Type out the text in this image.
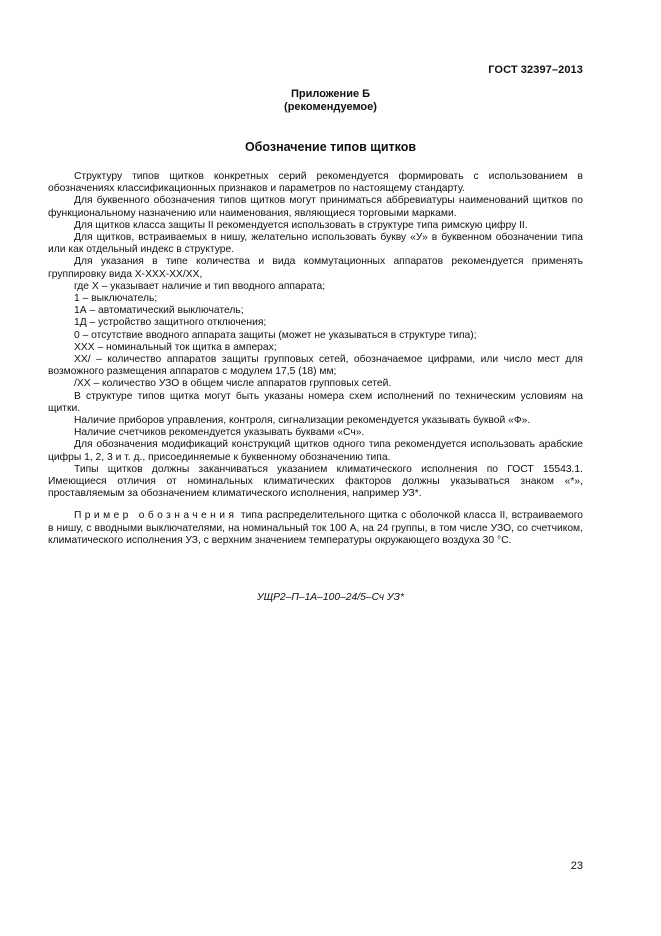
ГОСТ 32397–2013
Приложение Б
(рекомендуемое)
Обозначение типов щитков

Структуру типов щитков конкретных серий рекомендуется формировать с использованием в обозначениях классификационных признаков и параметров по настоящему стандарту.

Для буквенного обозначения типов щитков могут приниматься аббревиатуры наименований щитков по функциональному назначению или наименования, являющиеся торговыми марками.

Для щитков класса защиты II рекомендуется использовать в структуре типа римскую цифру II.

Для щитков, встраиваемых в нишу, желательно использовать букву «У» в буквенном обозначении типа или как отдельный индекс в структуре.

Для указания в типе количества и вида коммутационных аппаратов рекомендуется применять группировку вида Х-ХХХ-ХХ/ХХ,

где Х – указывает наличие и тип вводного аппарата;

1 – выключатель;

1А – автоматический выключатель;

1Д – устройство защитного отключения;

0 – отсутствие вводного аппарата защиты (может не указываться в структуре типа);

ХХХ – номинальный ток щитка в амперах;

ХХ/ – количество аппаратов защиты групповых сетей, обозначаемое цифрами, или число мест для возможного размещения аппаратов с модулем 17,5 (18) мм;

/ХХ – количество УЗО в общем числе аппаратов групповых сетей.

В структуре типов щитка могут быть указаны номера схем исполнений по техническим условиям на щитки.

Наличие приборов управления, контроля, сигнализации рекомендуется указывать буквой «Ф».

Наличие счетчиков рекомендуется указывать буквами «Сч».

Для обозначения модификаций конструкций щитков одного типа рекомендуется использовать арабские цифры 1, 2, 3 и т. д., присоединяемые к буквенному обозначению типа.

Типы щитков должны заканчиваться указанием климатического исполнения по ГОСТ 15543.1. Имеющиеся отличия от номинальных климатических факторов должны указываться знаком «*», проставляемым за обозначением климатического исполнения, например УЗ*.

Пример обозначения типа распределительного щитка с оболочкой класса II, встраиваемого в нишу, с вводными выключателями, на номинальный ток 100 А, на 24 группы, в том числе УЗО, со счетчиком, климатического исполнения УЗ, с верхним значением температуры окружающего воздуха 30 °С.

УЩР2–П–1А–100–24/5–Сч УЗ*
23
